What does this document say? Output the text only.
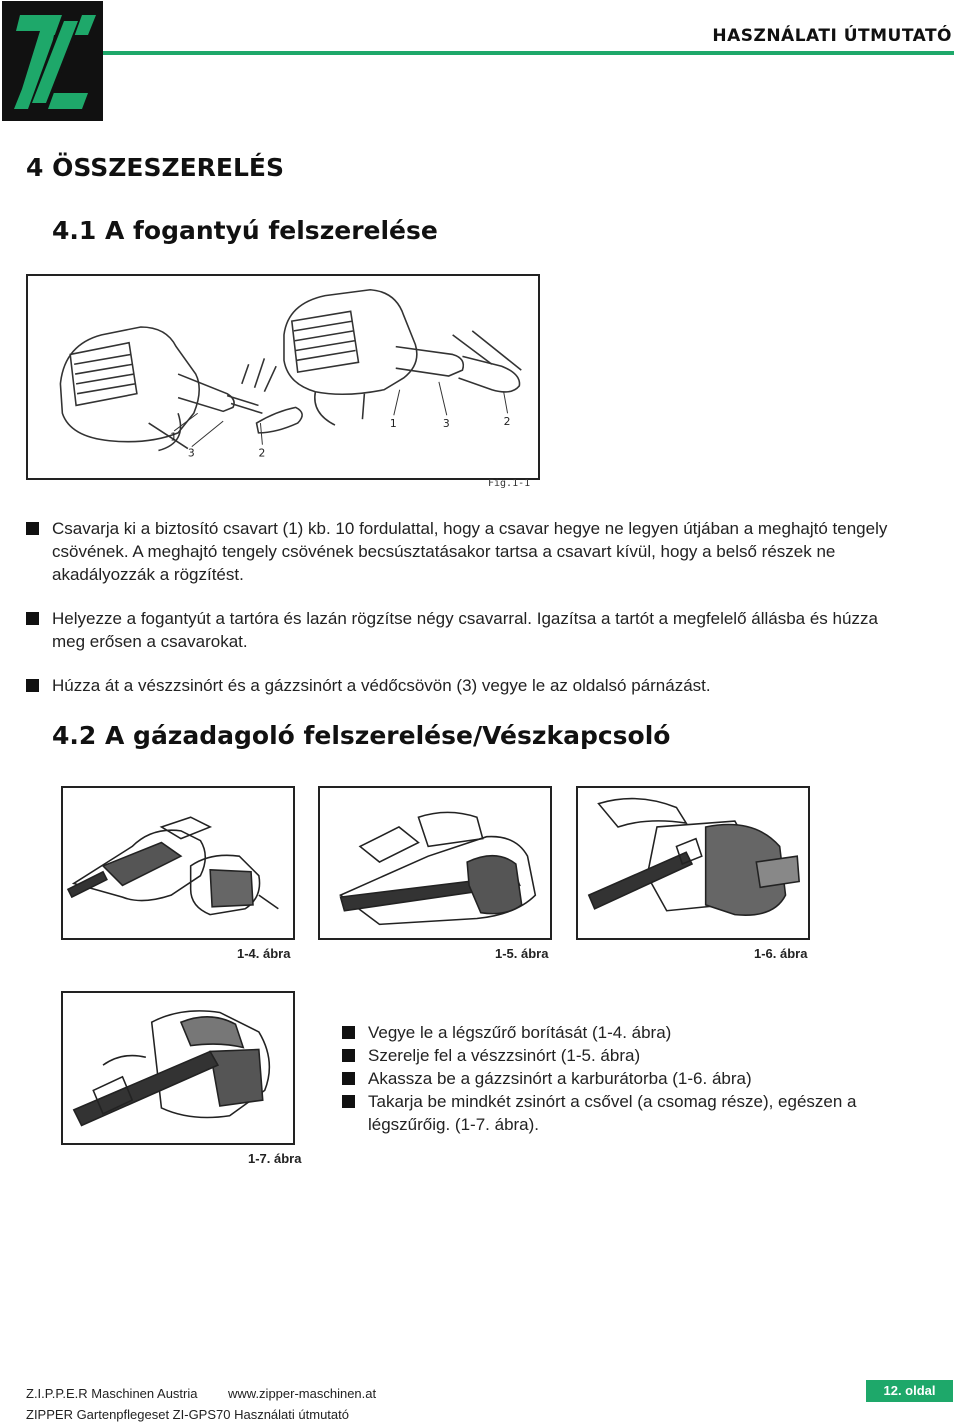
HASZNÁLATI ÚTMUTATÓ
4 ÖSSZESZERELÉS
4.1 A fogantyú felszerelése
1
3	2
1	3	2
Fig.1-1

Csavarja ki a biztosító csavart (1) kb. 10 fordulattal, hogy a csavar hegye ne legyen útjában a meghajtó tengely csövének. A meghajtó tengely csövének becsúsztatásakor tartsa a csavart kívül, hogy a belső részek ne akadályozzák a rögzítést.

Helyezze a fogantyút a tartóra és lazán rögzítse négy csavarral. Igazítsa a tartót a megfelelő állásba és húzza meg erősen a csavarokat.

Húzza át a vészzsinórt és a gázzsinórt a védőcsövön (3) vegye le az oldalsó párnázást.

4.2 A gázadagoló felszerelése/Vészkapcsoló
1-4. ábra	1-5. ábra	1-6. ábra
1-7. ábra

Vegye le a légszűrő borítását (1-4. ábra)

Szerelje fel a vészzsinórt (1-5. ábra)

Akassza be a gázzsinórt a karburátorba (1-6. ábra)

Takarja be mindkét zsinórt a csővel (a csomag része), egészen a légszűrőig. (1-7. ábra).

Z.I.P.P.E.R Maschinen Austria www.zipper-maschinen.at
ZIPPER Gartenpflegeset ZI-GPS70 Használati útmutató
12. oldal
